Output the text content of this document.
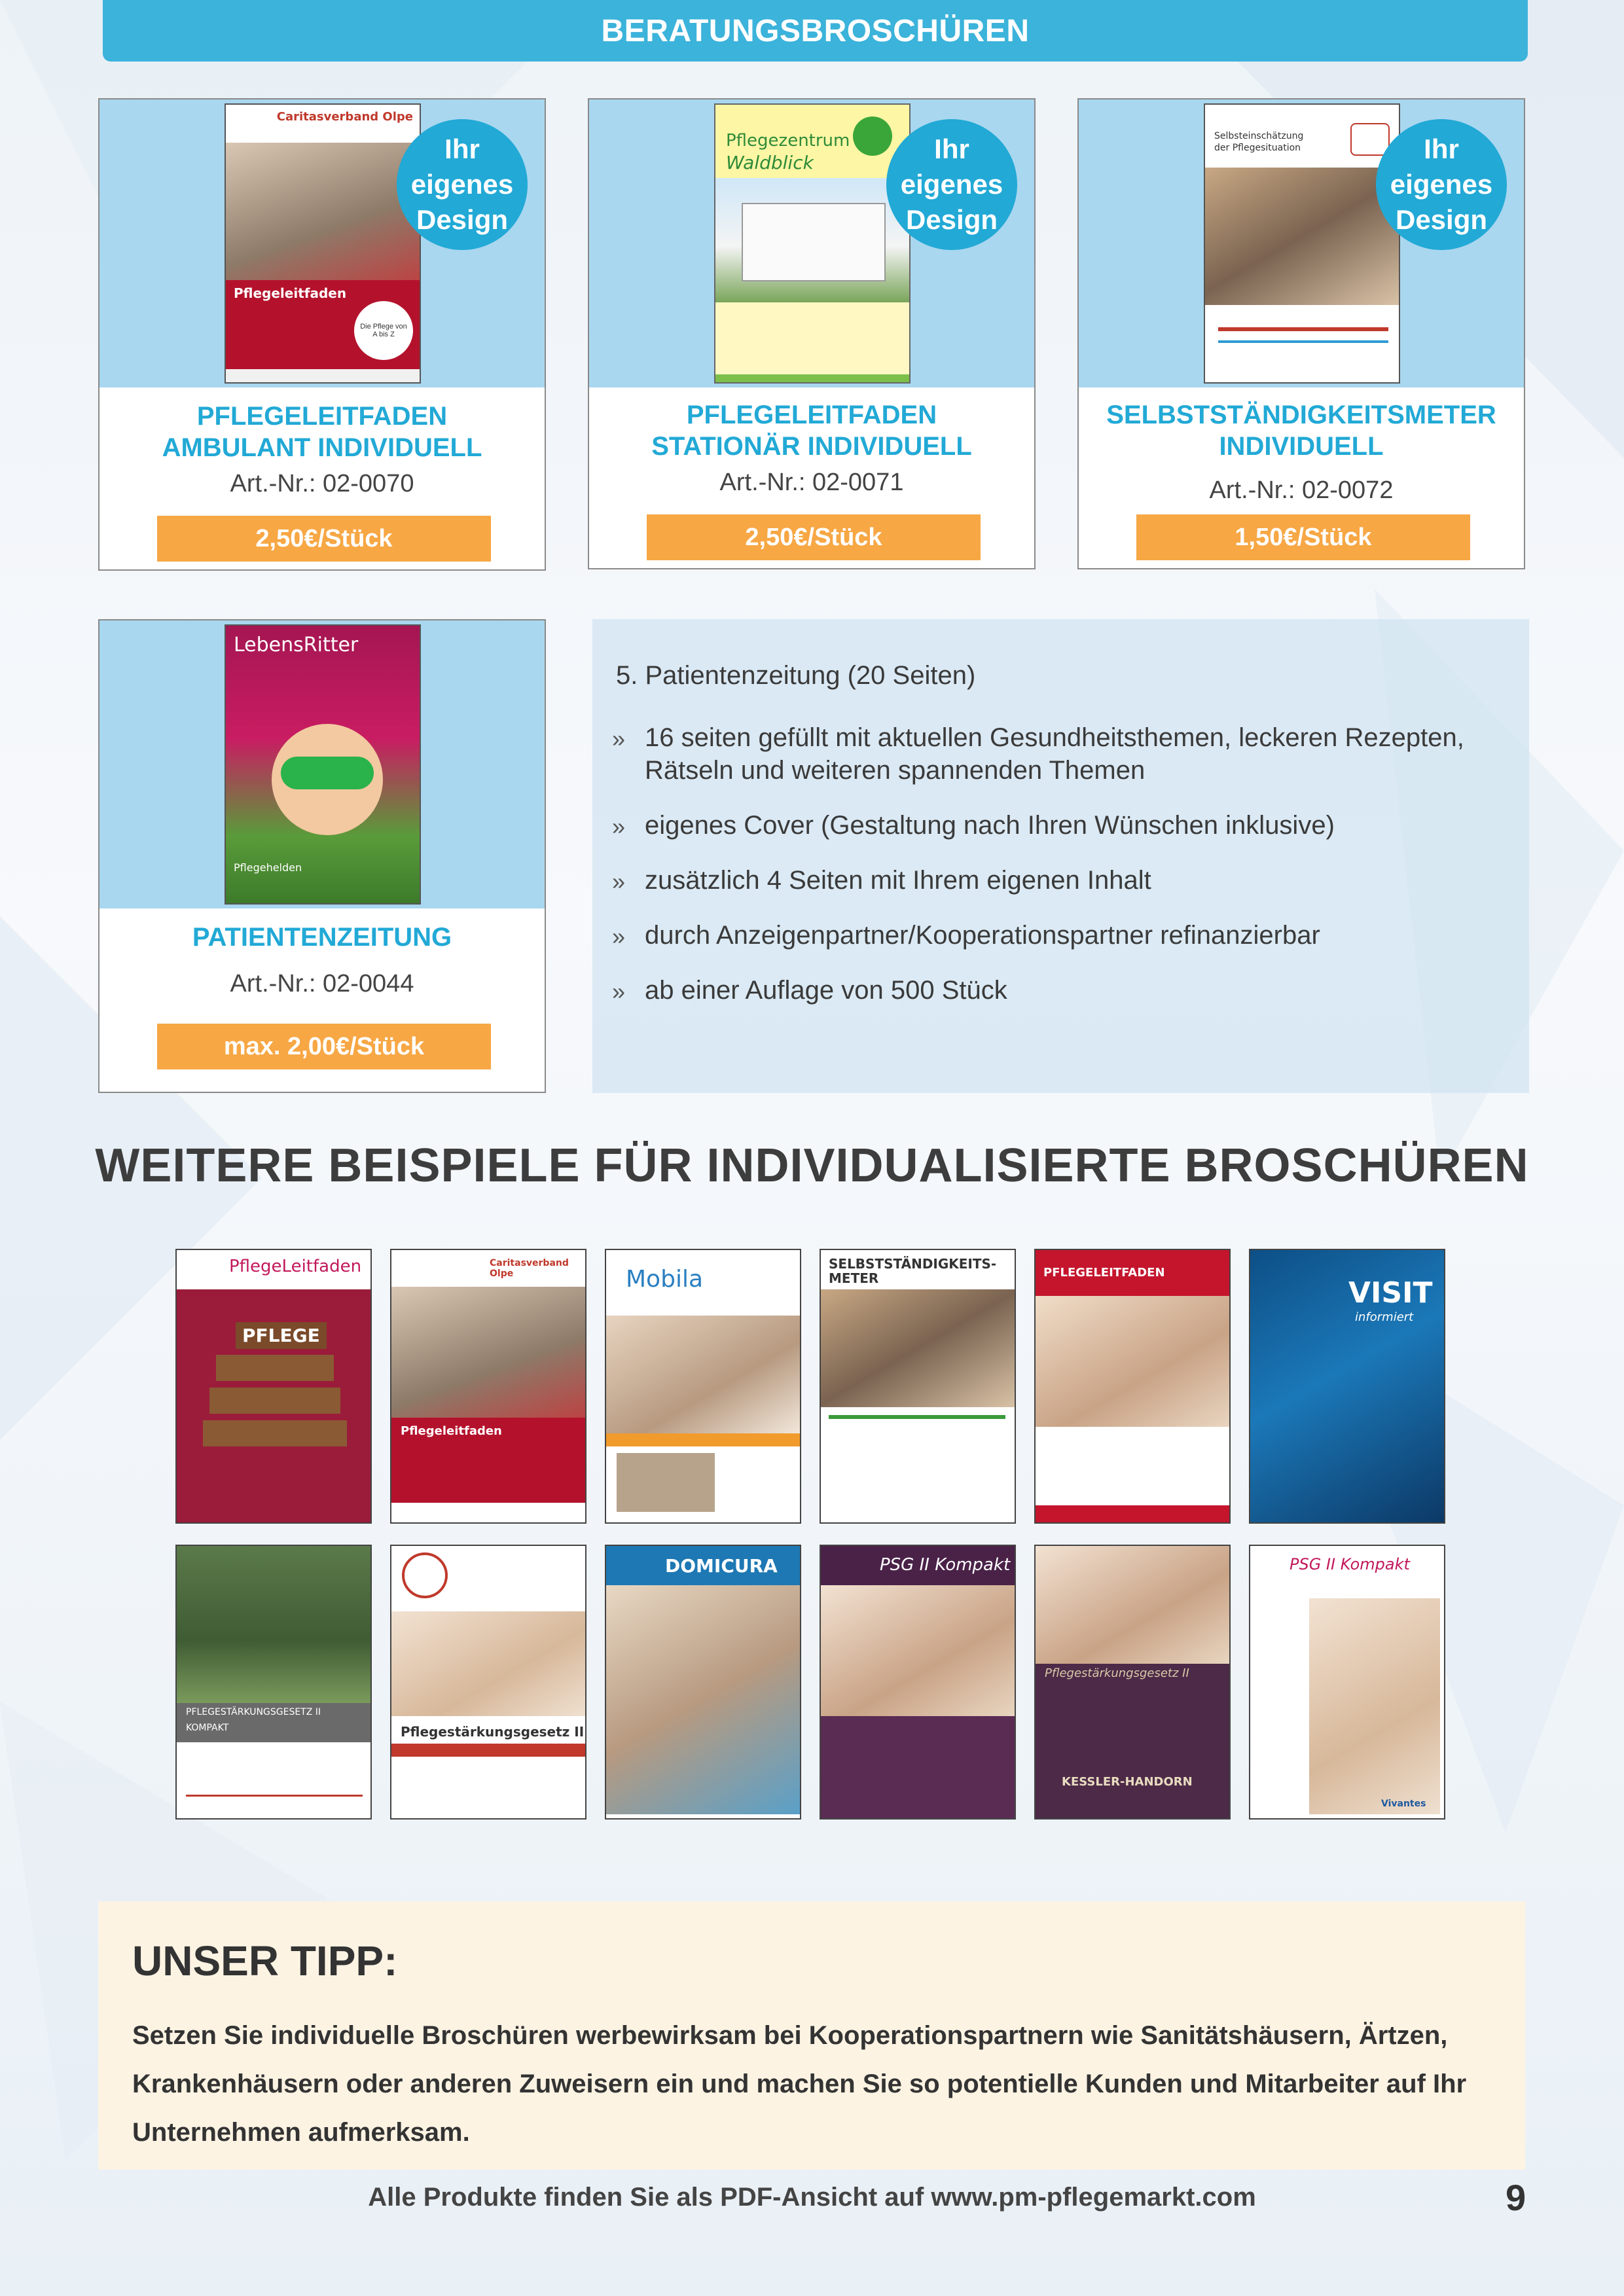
BERATUNGSBROSCHÜREN
Caritasverband Olpe
Pflegeleitfaden
Die Pflege von A bis Z
Ihr
eigenes
Design
PFLEGELEITFADEN
AMBULANT INDIVIDUELL
Art.-Nr.: 02-0070
2,50€/Stück
Pflegezentrum
Waldblick	Ihr
eigenes
Design
PFLEGELEITFADEN
STATIONÄR INDIVIDUELL
Art.-Nr.: 02-0071
2,50€/Stück
Selbsteinschätzung
der Pflegesituation	Ihr
eigenes
Design
SELBSTSTÄNDIGKEITSMETER
INDIVIDUELL
Art.-Nr.: 02-0072
1,50€/Stück
LebensRitter
Pflegehelden
PATIENTENZEITUNG
Art.-Nr.: 02-0044
max. 2,00€/Stück
5. Patientenzeitung (20 Seiten)
» 16 seiten gefüllt mit aktuellen Gesundheitsthemen, leckeren Rezepten, Rätseln und weiteren spannenden Themen
» eigenes Cover (Gestaltung nach Ihren Wünschen inklusive)
» zusätzlich 4 Seiten mit Ihrem eigenen Inhalt
» durch Anzeigenpartner/Kooperationspartner refinanzierbar
» ab einer Auflage von 500 Stück
WEITERE BEISPIELE FÜR INDIVIDUALISIERTE BROSCHÜREN
PflegeLeitfaden
PFLEGE
Caritasverband Olpe
Pflegeleitfaden
Mobila
SELBSTSTÄNDIGKEITS-METER	PFLEGELEITFADEN
VISIT
informiert
PFLEGESTÄRKUNGSGESETZ II
KOMPAKT	Pflegestärkungsgesetz II
DOMICURA	PSG II Kompakt
Pflegestärkungsgesetz II
KESSLER-HANDORN
PSG II Kompakt
Vivantes
UNSER TIPP:

Setzen Sie individuelle Broschüren werbewirksam bei Kooperationspartnern wie Sanitätshäusern, Ärtzen, Krankenhäusern oder anderen Zuweisern ein und machen Sie so potentielle Kunden und Mitarbeiter auf Ihr Unternehmen aufmerksam.

Alle Produkte finden Sie als PDF-Ansicht auf www.pm-pflegemarkt.com	9
